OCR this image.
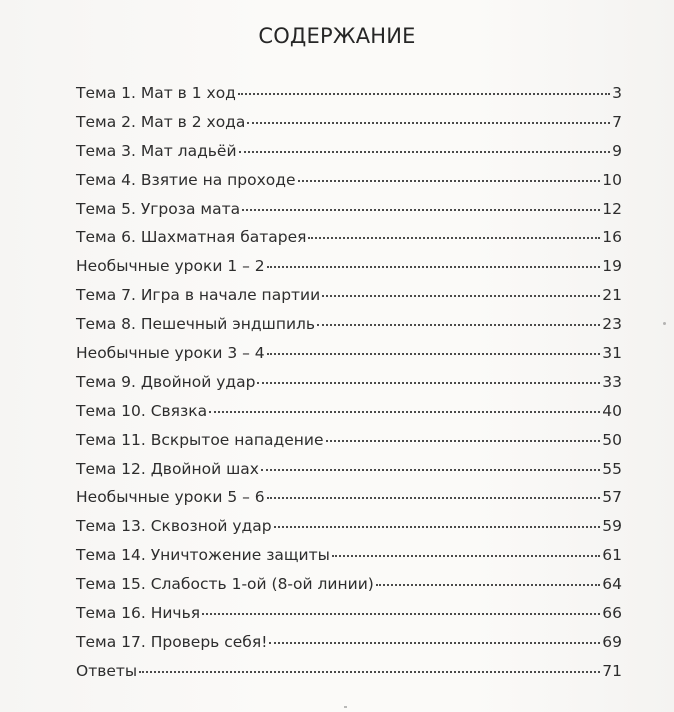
СОДЕРЖАНИЕ
Тема 1. Мат в 1 ход	3
Тема 2. Мат в 2 хода	7
Тема 3. Мат ладьёй	9
Тема 4. Взятие на проходе	10
Тема 5. Угроза мата	12
Тема 6. Шахматная батарея	16
Необычные уроки 1 – 2	19
Тема 7. Игра в начале партии	21
Тема 8. Пешечный эндшпиль	23
Необычные уроки 3 – 4	31
Тема 9. Двойной удар	33
Тема 10. Связка	40
Тема 11. Вскрытое нападение	50
Тема 12. Двойной шах	55
Необычные уроки 5 – 6	57
Тема 13. Сквозной удар	59
Тема 14. Уничтожение защиты	61
Тема 15. Слабость 1-ой (8-ой линии)	64
Тема 16. Ничья	66
Тема 17. Проверь себя!	69
Ответы	71
